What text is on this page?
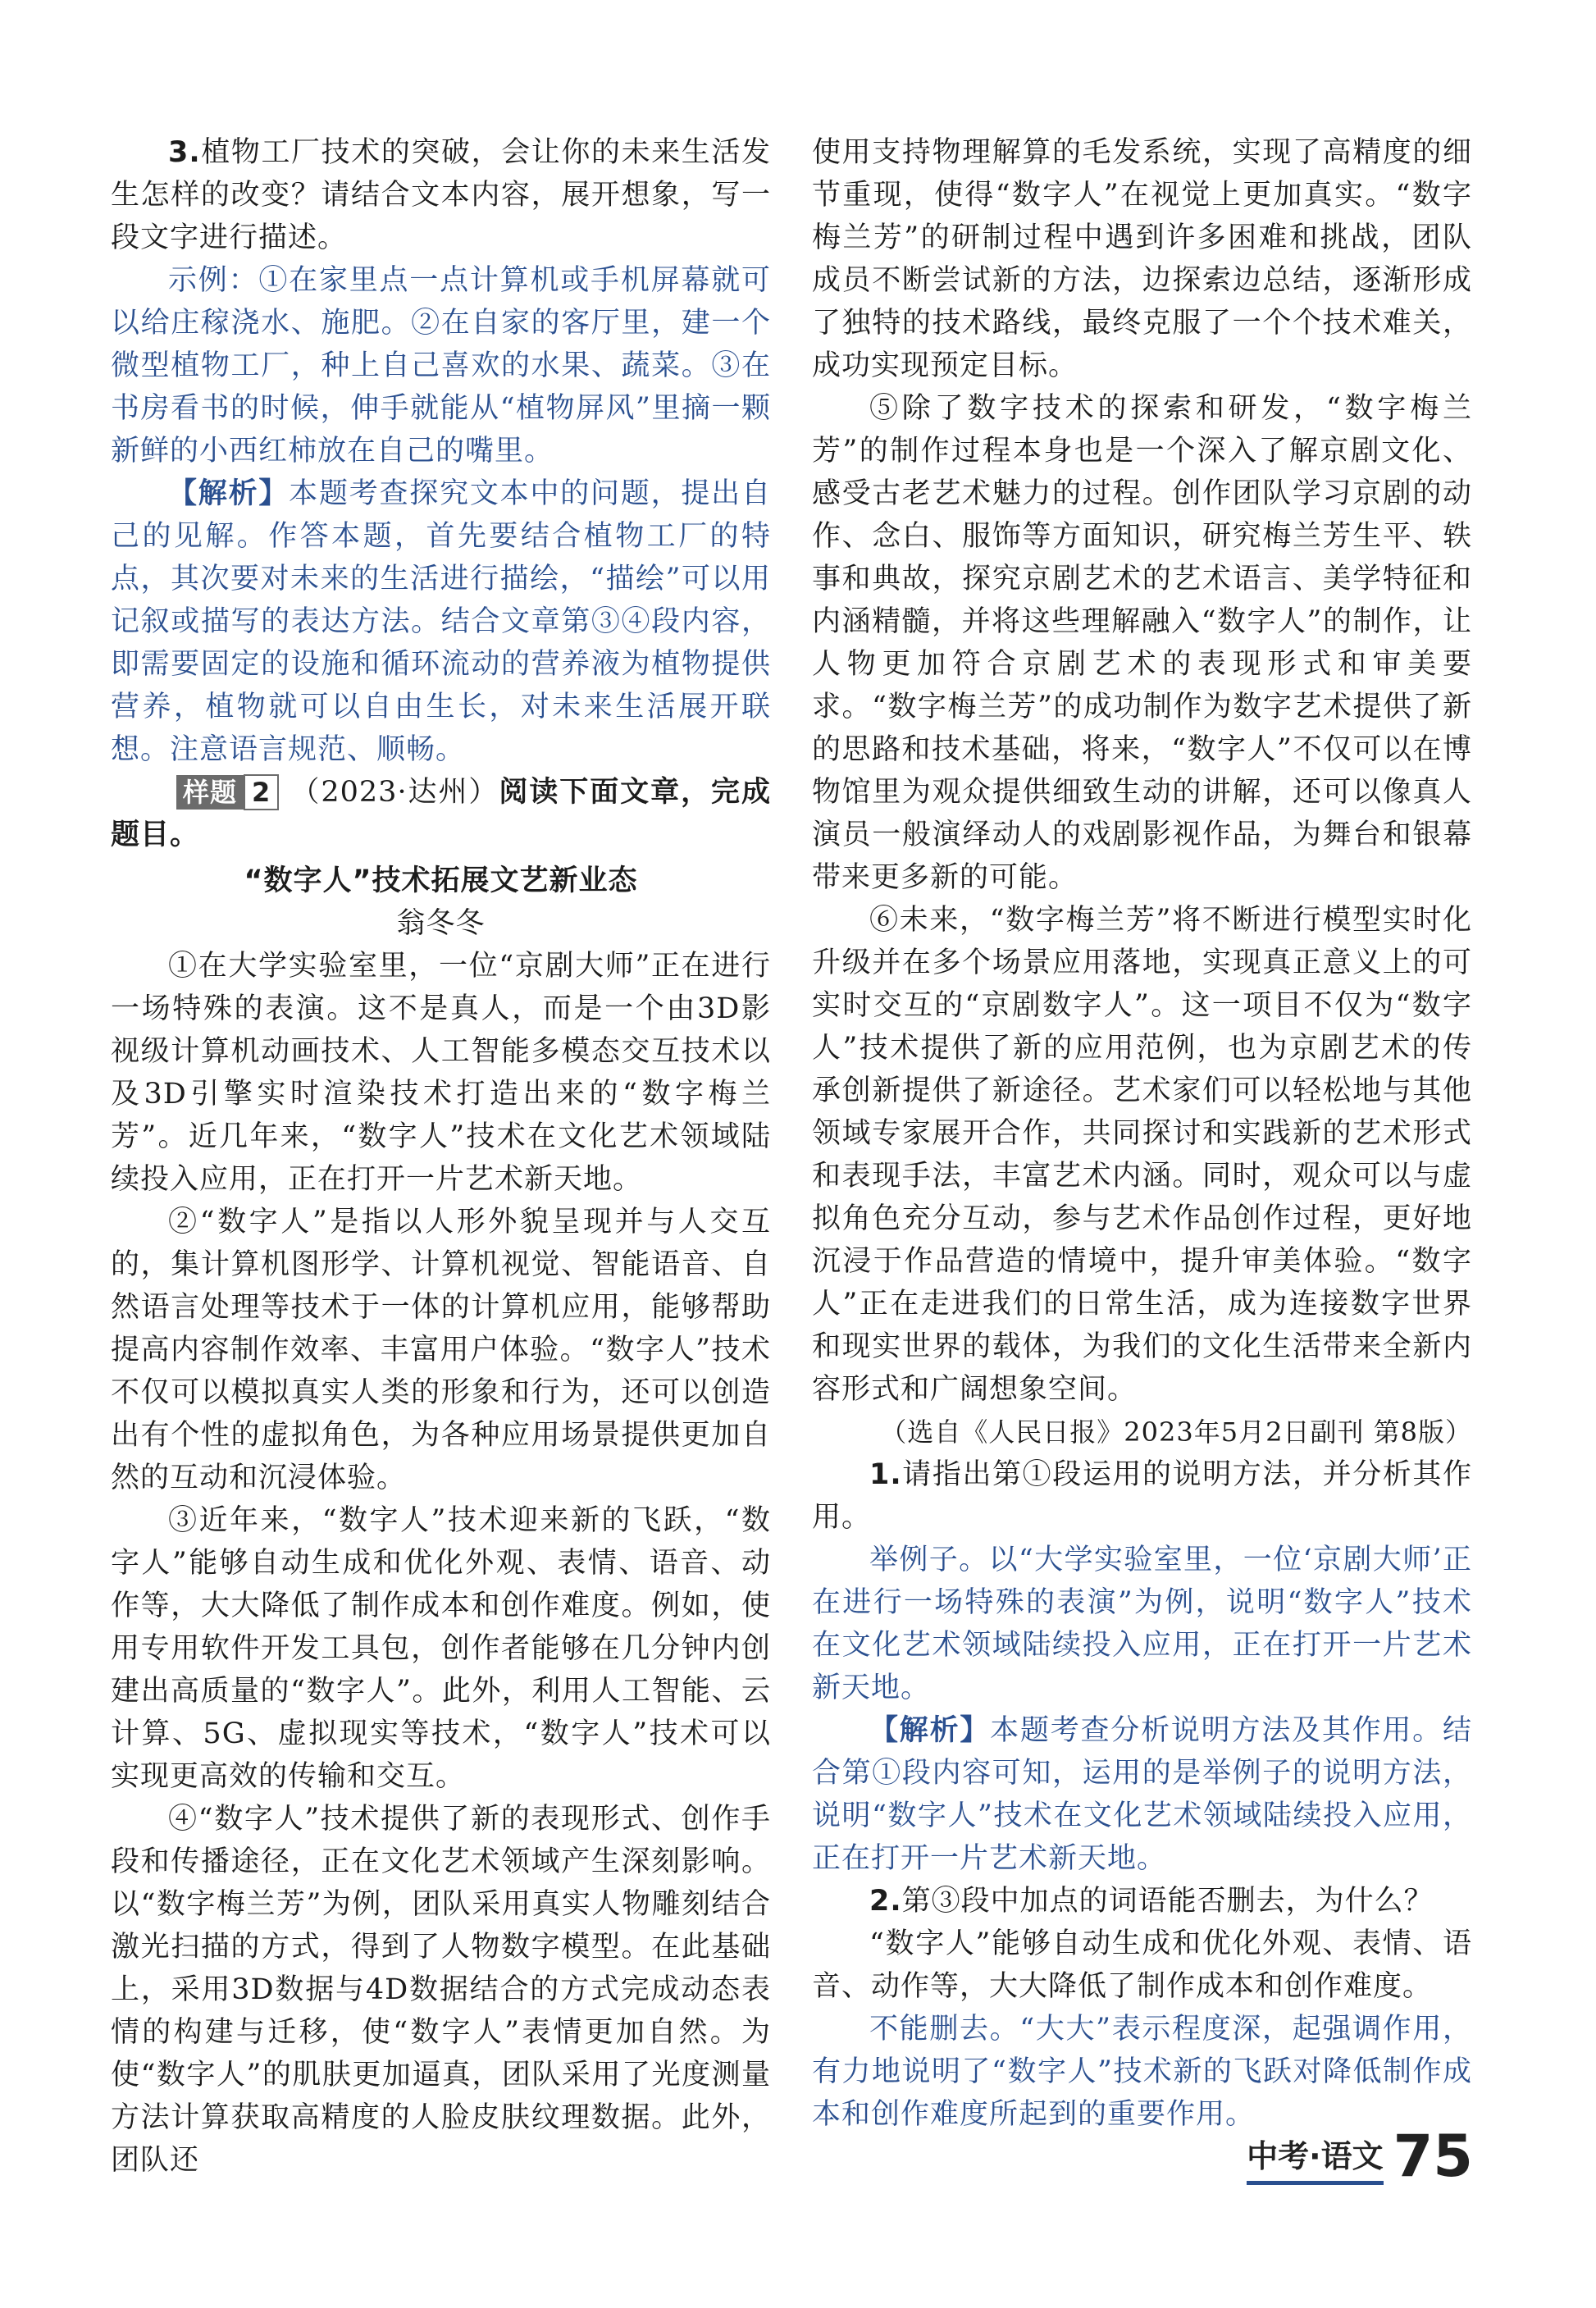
3.植物工厂技术的突破，会让你的未来生活发生怎样的改变？请结合文本内容，展开想象，写一段文字进行描述。

示例：①在家里点一点计算机或手机屏幕就可以给庄稼浇水、施肥。②在自家的客厅里，建一个微型植物工厂，种上自己喜欢的水果、蔬菜。③在书房看书的时候，伸手就能从“植物屏风”里摘一颗新鲜的小西红柿放在自己的嘴里。

【解析】本题考查探究文本中的问题，提出自己的见解。作答本题，首先要结合植物工厂的特点，其次要对未来的生活进行描绘，“描绘”可以用记叙或描写的表达方法。结合文章第③④段内容，即需要固定的设施和循环流动的营养液为植物提供营养，植物就可以自由生长，对未来生活展开联想。注意语言规范、顺畅。

样题 2 （2023·达州）阅读下面文章，完成题目。

“数字人”技术拓展文艺新业态

翁冬冬

①在大学实验室里，一位“京剧大师”正在进行一场特殊的表演。这不是真人，而是一个由3D影视级计算机动画技术、人工智能多模态交互技术以及3D引擎实时渲染技术打造出来的“数字梅兰芳”。近几年来，“数字人”技术在文化艺术领域陆续投入应用，正在打开一片艺术新天地。

②“数字人”是指以人形外貌呈现并与人交互的，集计算机图形学、计算机视觉、智能语音、自然语言处理等技术于一体的计算机应用，能够帮助提高内容制作效率、丰富用户体验。“数字人”技术不仅可以模拟真实人类的形象和行为，还可以创造出有个性的虚拟角色，为各种应用场景提供更加自然的互动和沉浸体验。

③近年来，“数字人”技术迎来新的飞跃，“数字人”能够自动生成和优化外观、表情、语音、动作等，大大降低了制作成本和创作难度。例如，使用专用软件开发工具包，创作者能够在几分钟内创建出高质量的“数字人”。此外，利用人工智能、云计算、5G、虚拟现实等技术，“数字人”技术可以实现更高效的传输和交互。

④“数字人”技术提供了新的表现形式、创作手段和传播途径，正在文化艺术领域产生深刻影响。以“数字梅兰芳”为例，团队采用真实人物雕刻结合激光扫描的方式，得到了人物数字模型。在此基础上，采用3D数据与4D数据结合的方式完成动态表情的构建与迁移，使“数字人”表情更加自然。为使“数字人”的肌肤更加逼真，团队采用了光度测量方法计算获取高精度的人脸皮肤纹理数据。此外，团队还

使用支持物理解算的毛发系统，实现了高精度的细节重现，使得“数字人”在视觉上更加真实。“数字梅兰芳”的研制过程中遇到许多困难和挑战，团队成员不断尝试新的方法，边探索边总结，逐渐形成了独特的技术路线，最终克服了一个个技术难关，成功实现预定目标。

⑤除了数字技术的探索和研发，“数字梅兰芳”的制作过程本身也是一个深入了解京剧文化、感受古老艺术魅力的过程。创作团队学习京剧的动作、念白、服饰等方面知识，研究梅兰芳生平、轶事和典故，探究京剧艺术的艺术语言、美学特征和内涵精髓，并将这些理解融入“数字人”的制作，让人物更加符合京剧艺术的表现形式和审美要求。“数字梅兰芳”的成功制作为数字艺术提供了新的思路和技术基础，将来，“数字人”不仅可以在博物馆里为观众提供细致生动的讲解，还可以像真人演员一般演绎动人的戏剧影视作品，为舞台和银幕带来更多新的可能。

⑥未来，“数字梅兰芳”将不断进行模型实时化升级并在多个场景应用落地，实现真正意义上的可实时交互的“京剧数字人”。这一项目不仅为“数字人”技术提供了新的应用范例，也为京剧艺术的传承创新提供了新途径。艺术家们可以轻松地与其他领域专家展开合作，共同探讨和实践新的艺术形式和表现手法，丰富艺术内涵。同时，观众可以与虚拟角色充分互动，参与艺术作品创作过程，更好地沉浸于作品营造的情境中，提升审美体验。“数字人”正在走进我们的日常生活，成为连接数字世界和现实世界的载体，为我们的文化生活带来全新内容形式和广阔想象空间。

（选自《人民日报》2023年5月2日副刊 第8版）

1.请指出第①段运用的说明方法，并分析其作用。

举例子。以“大学实验室里，一位‘京剧大师’正在进行一场特殊的表演”为例，说明“数字人”技术在文化艺术领域陆续投入应用，正在打开一片艺术新天地。

【解析】本题考查分析说明方法及其作用。结合第①段内容可知，运用的是举例子的说明方法，说明“数字人”技术在文化艺术领域陆续投入应用，正在打开一片艺术新天地。

2.第③段中加点的词语能否删去，为什么？

“数字人”能够自动生成和优化外观、表情、语音、动作等，大大降低了制作成本和创作难度。

不能删去。“大大”表示程度深，起强调作用，有力地说明了“数字人”技术新的飞跃对降低制作成本和创作难度所起到的重要作用。

中考·语文 75
